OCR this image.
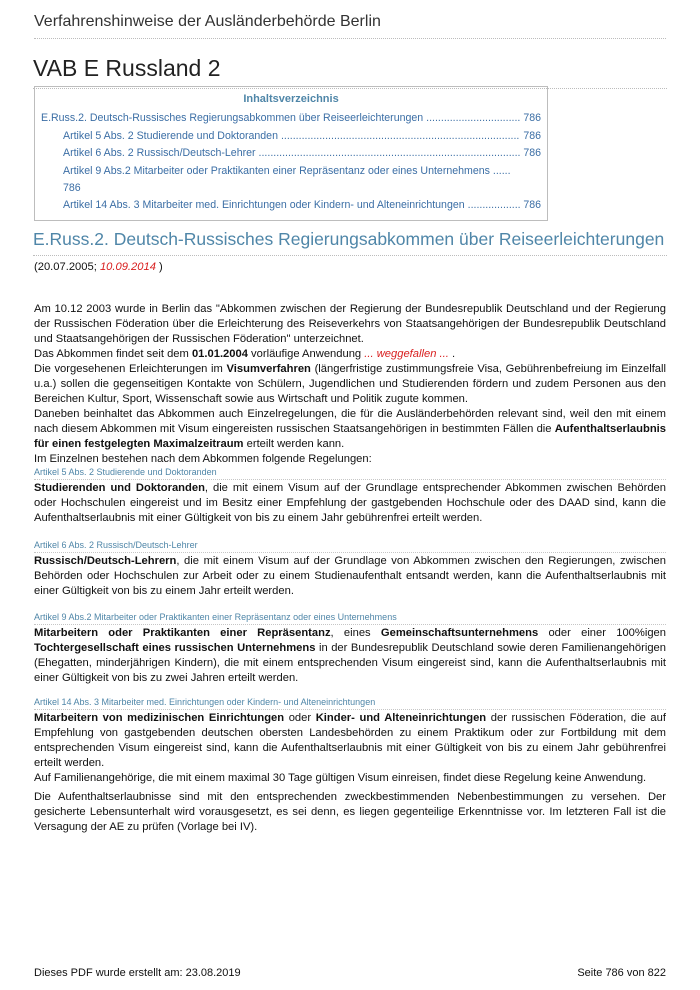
Verfahrenshinweise der Ausländerbehörde Berlin
VAB E Russland 2
Inhaltsverzeichnis
E.Russ.2. Deutsch-Russisches Regierungsabkommen über Reiseerleichterungen .....	786
Artikel 5 Abs. 2 Studierende und Doktoranden .....	786
Artikel 6 Abs. 2 Russisch/Deutsch-Lehrer .....	786
Artikel 9 Abs.2 Mitarbeiter oder Praktikanten einer Repräsentanz oder eines Unternehmens ......
786
Artikel 14 Abs. 3 Mitarbeiter med. Einrichtungen oder Kindern- und Alteneinrichtungen .....	786
E.Russ.2. Deutsch-Russisches Regierungsabkommen über Reiseerleichterungen
(20.07.2005; 10.09.2014 )

Am 10.12 2003 wurde in Berlin das "Abkommen zwischen der Regierung der Bundesrepublik Deutschland und der Regierung der Russischen Föderation über die Erleichterung des Reiseverkehrs von Staatsangehörigen der Bundesrepublik Deutschland und Staatsangehörigen der Russischen Föderation" unterzeichnet.

Das Abkommen findet seit dem 01.01.2004 vorläufige Anwendung ... weggefallen ... .

Die vorgesehenen Erleichterungen im Visumverfahren (längerfristige zustimmungsfreie Visa, Gebührenbefreiung im Einzelfall u.a.) sollen die gegenseitigen Kontakte von Schülern, Jugendlichen und Studierenden fördern und zudem Personen aus den Bereichen Kultur, Sport, Wissenschaft sowie aus Wirtschaft und Politik zugute kommen.

Daneben beinhaltet das Abkommen auch Einzelregelungen, die für die Ausländerbehörden relevant sind, weil den mit einem nach diesem Abkommen mit Visum eingereisten russischen Staatsangehörigen in bestimmten Fällen die Aufenthaltserlaubnis für einen festgelegten Maximalzeitraum erteilt werden kann.

Im Einzelnen bestehen nach dem Abkommen folgende Regelungen:

Artikel 5 Abs. 2 Studierende und Doktoranden

Studierenden und Doktoranden, die mit einem Visum auf der Grundlage entsprechender Abkommen zwischen Behörden oder Hochschulen eingereist und im Besitz einer Empfehlung der gastgebenden Hochschule oder des DAAD sind, kann die Aufenthaltserlaubnis mit einer Gültigkeit von bis zu einem Jahr gebührenfrei erteilt werden.

Artikel 6 Abs. 2 Russisch/Deutsch-Lehrer

Russisch/Deutsch-Lehrern, die mit einem Visum auf der Grundlage von Abkommen zwischen den Regierungen, zwischen Behörden oder Hochschulen zur Arbeit oder zu einem Studienaufenthalt entsandt werden, kann die Aufenthaltserlaubnis mit einer Gültigkeit von bis zu einem Jahr erteilt werden.

Artikel 9 Abs.2 Mitarbeiter oder Praktikanten einer Repräsentanz oder eines Unternehmens

Mitarbeitern oder Praktikanten einer Repräsentanz, eines Gemeinschaftsunternehmens oder einer 100%igen Tochtergesellschaft eines russischen Unternehmens in der Bundesrepublik Deutschland sowie deren Familienangehörigen (Ehegatten, minderjährigen Kindern), die mit einem entsprechenden Visum eingereist sind, kann die Aufenthaltserlaubnis mit einer Gültigkeit von bis zu zwei Jahren erteilt werden.

Artikel 14 Abs. 3 Mitarbeiter med. Einrichtungen oder Kindern- und Alteneinrichtungen

Mitarbeitern von medizinischen Einrichtungen oder Kinder- und Alteneinrichtungen der russischen Föderation, die auf Empfehlung von gastgebenden deutschen obersten Landesbehörden zu einem Praktikum oder zur Fortbildung mit dem entsprechenden Visum eingereist sind, kann die Aufenthaltserlaubnis mit einer Gültigkeit von bis zu einem Jahr gebührenfrei erteilt werden.

Auf Familienangehörige, die mit einem maximal 30 Tage gültigen Visum einreisen, findet diese Regelung keine Anwendung.

Die Aufenthaltserlaubnisse sind mit den entsprechenden zweckbestimmenden Nebenbestimmungen zu versehen. Der gesicherte Lebensunterhalt wird vorausgesetzt, es sei denn, es liegen gegenteilige Erkenntnisse vor. Im letzteren Fall ist die Versagung der AE zu prüfen (Vorlage bei IV).
Dieses PDF wurde erstellt am: 23.08.2019	Seite 786 von 822
